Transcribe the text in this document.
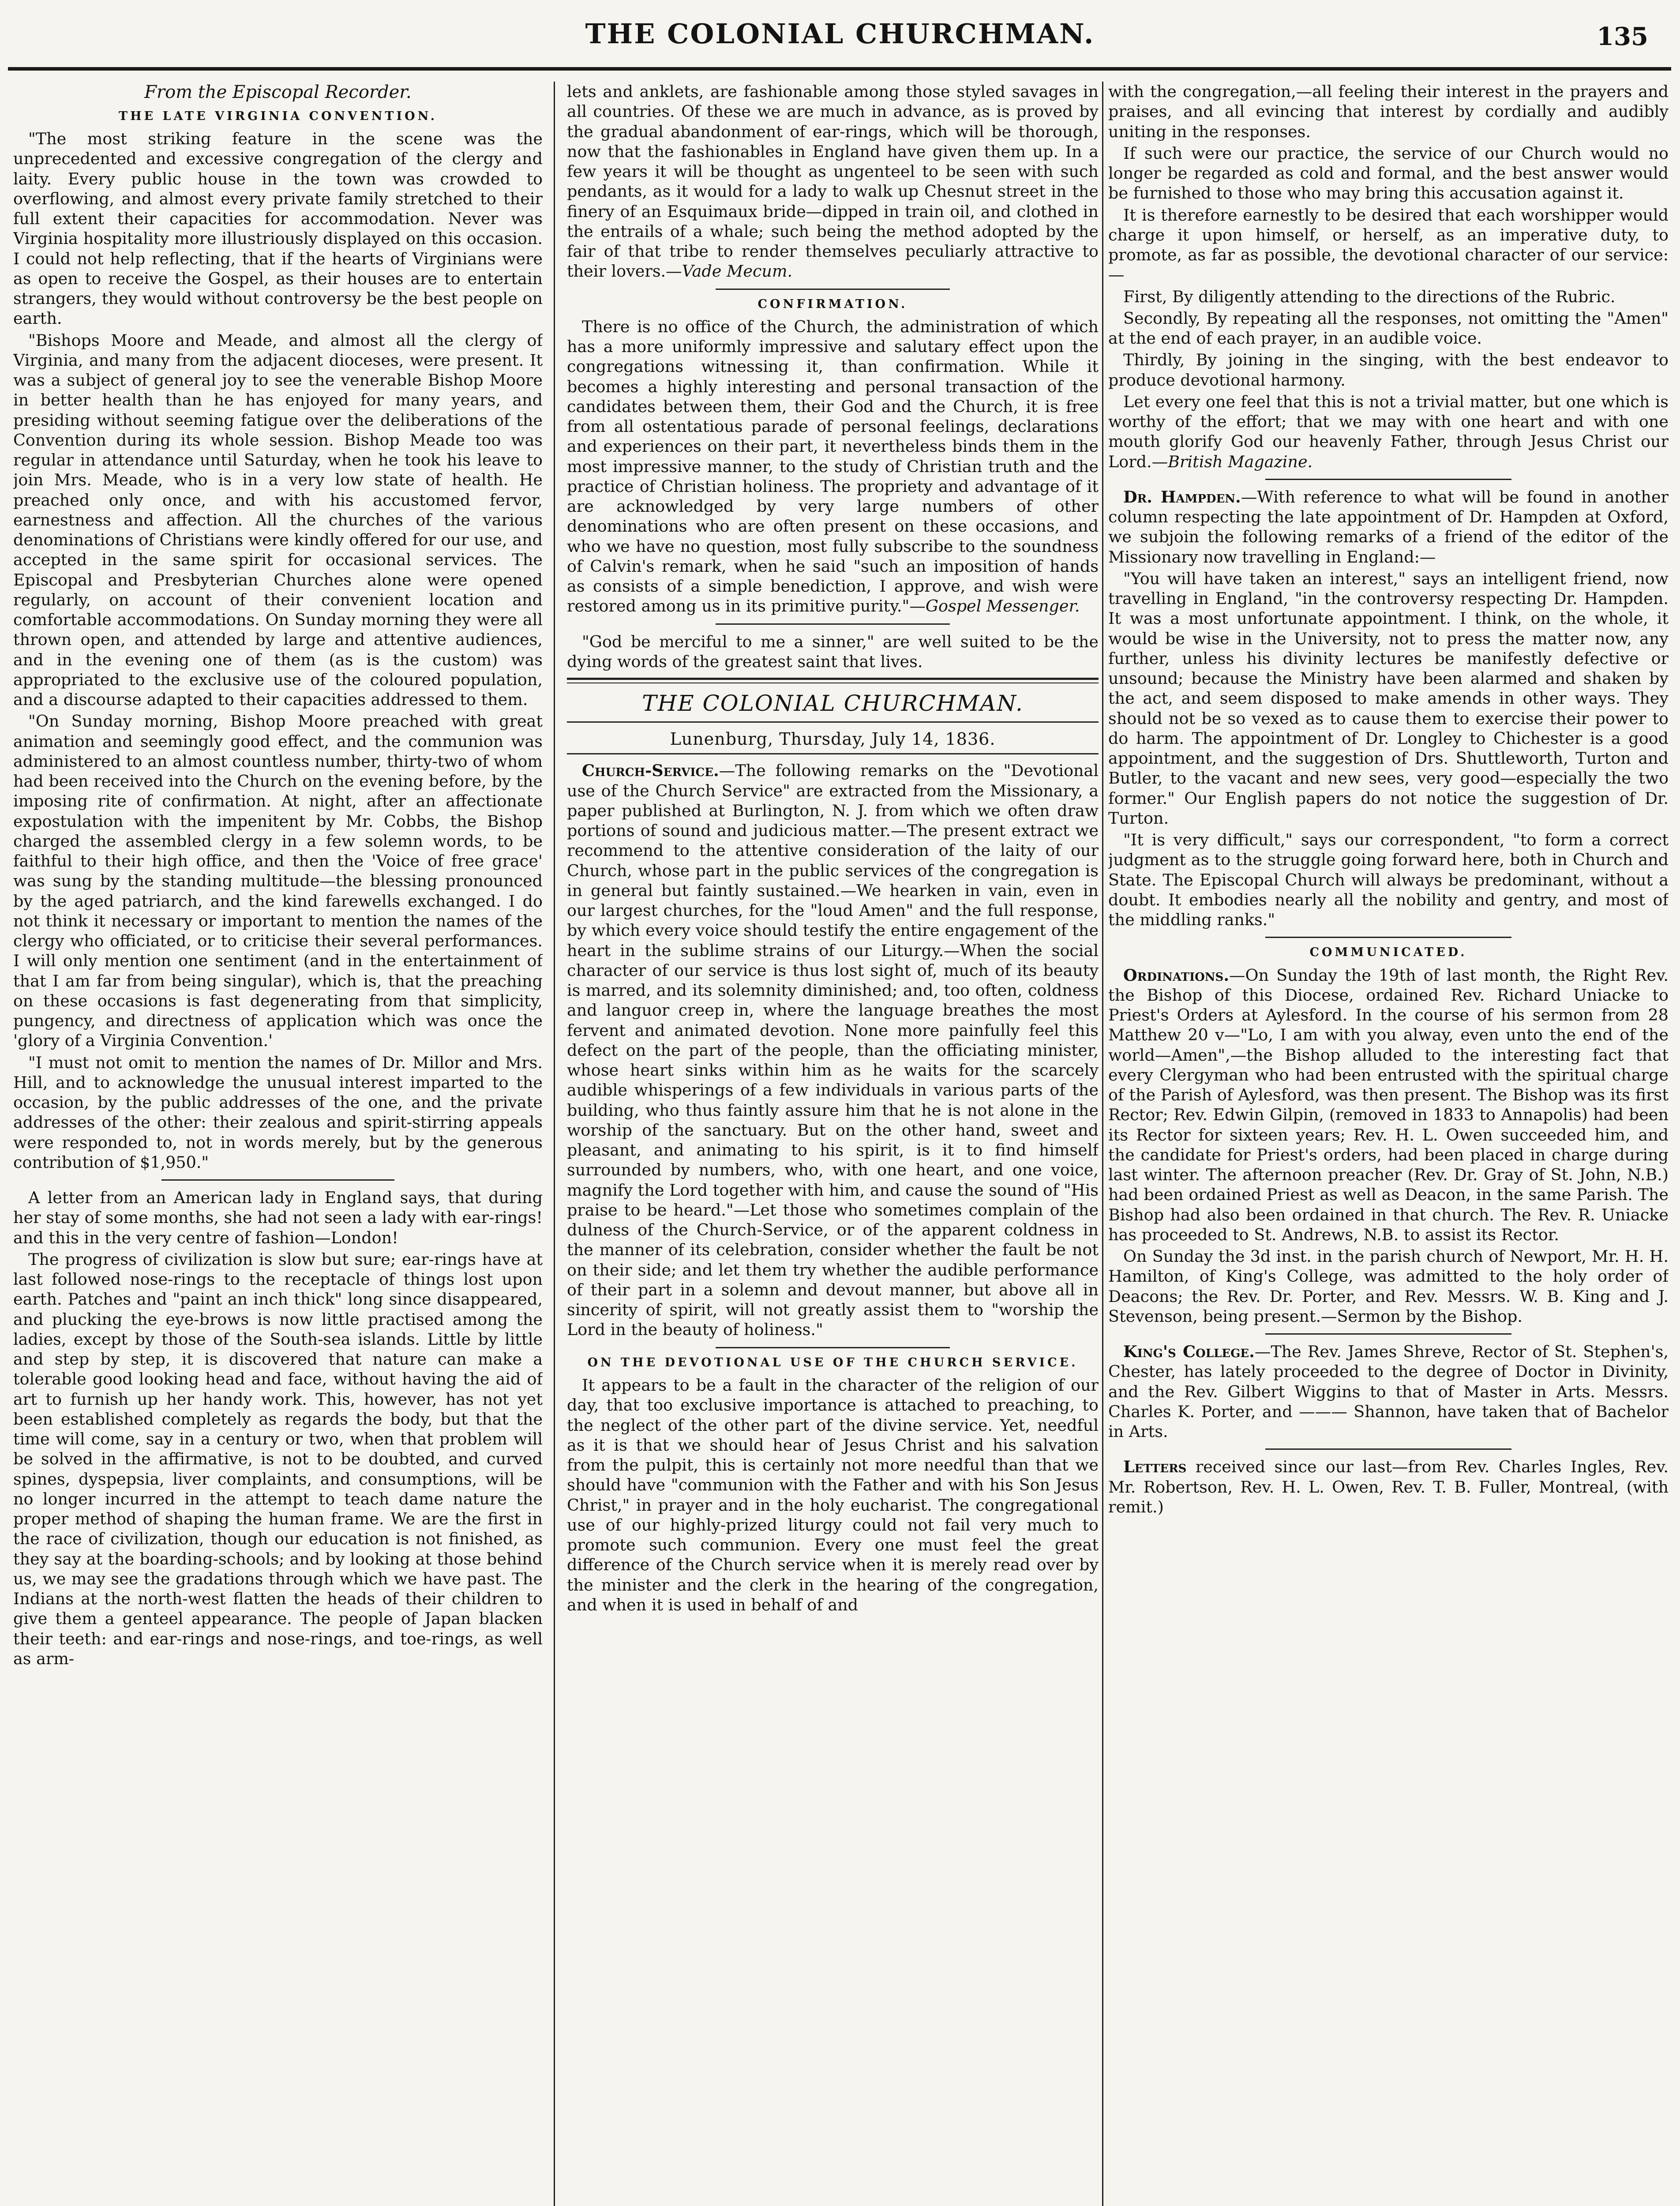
THE COLONIAL CHURCHMAN.	135
From the Episcopal Recorder.
THE LATE VIRGINIA CONVENTION.

"The most striking feature in the scene was the unprecedented and excessive congregation of the clergy and laity. Every public house in the town was crowded to overflowing, and almost every private family stretched to their full extent their capacities for accommodation. Never was Virginia hospitality more illustriously displayed on this occasion. I could not help reflecting, that if the hearts of Virginians were as open to receive the Gospel, as their houses are to entertain strangers, they would without controversy be the best people on earth.

"Bishops Moore and Meade, and almost all the clergy of Virginia, and many from the adjacent dioceses, were present. It was a subject of general joy to see the venerable Bishop Moore in better health than he has enjoyed for many years, and presiding without seeming fatigue over the deliberations of the Convention during its whole session. Bishop Meade too was regular in attendance until Saturday, when he took his leave to join Mrs. Meade, who is in a very low state of health. He preached only once, and with his accustomed fervor, earnestness and affection. All the churches of the various denominations of Christians were kindly offered for our use, and accepted in the same spirit for occasional services. The Episcopal and Presbyterian Churches alone were opened regularly, on account of their convenient location and comfortable accommodations. On Sunday morning they were all thrown open, and attended by large and attentive audiences, and in the evening one of them (as is the custom) was appropriated to the exclusive use of the coloured population, and a discourse adapted to their capacities addressed to them.

"On Sunday morning, Bishop Moore preached with great animation and seemingly good effect, and the communion was administered to an almost countless number, thirty-two of whom had been received into the Church on the evening before, by the imposing rite of confirmation. At night, after an affectionate expostulation with the impenitent by Mr. Cobbs, the Bishop charged the assembled clergy in a few solemn words, to be faithful to their high office, and then the 'Voice of free grace' was sung by the standing multitude—the blessing pronounced by the aged patriarch, and the kind farewells exchanged. I do not think it necessary or important to mention the names of the clergy who officiated, or to criticise their several performances. I will only mention one sentiment (and in the entertainment of that I am far from being singular), which is, that the preaching on these occasions is fast degenerating from that simplicity, pungency, and directness of application which was once the 'glory of a Virginia Convention.'

"I must not omit to mention the names of Dr. Millor and Mrs. Hill, and to acknowledge the unusual interest imparted to the occasion, by the public addresses of the one, and the private addresses of the other: their zealous and spirit-stirring appeals were responded to, not in words merely, but by the generous contribution of $1,950."

A letter from an American lady in England says, that during her stay of some months, she had not seen a lady with ear-rings! and this in the very centre of fashion—London!

The progress of civilization is slow but sure; ear-rings have at last followed nose-rings to the receptacle of things lost upon earth. Patches and "paint an inch thick" long since disappeared, and plucking the eye-brows is now little practised among the ladies, except by those of the South-sea islands. Little by little and step by step, it is discovered that nature can make a tolerable good looking head and face, without having the aid of art to furnish up her handy work. This, however, has not yet been established completely as regards the body, but that the time will come, say in a century or two, when that problem will be solved in the affirmative, is not to be doubted, and curved spines, dyspepsia, liver complaints, and consumptions, will be no longer incurred in the attempt to teach dame nature the proper method of shaping the human frame. We are the first in the race of civilization, though our education is not finished, as they say at the boarding-schools; and by looking at those behind us, we may see the gradations through which we have past. The Indians at the north-west flatten the heads of their children to give them a genteel appearance. The people of Japan blacken their teeth: and ear-rings and nose-rings, and toe-rings, as well as arm-

lets and anklets, are fashionable among those styled savages in all countries. Of these we are much in advance, as is proved by the gradual abandonment of ear-rings, which will be thorough, now that the fashionables in England have given them up. In a few years it will be thought as ungenteel to be seen with such pendants, as it would for a lady to walk up Chesnut street in the finery of an Esquimaux bride—dipped in train oil, and clothed in the entrails of a whale; such being the method adopted by the fair of that tribe to render themselves peculiarly attractive to their lovers.—Vade Mecum.

CONFIRMATION.

There is no office of the Church, the administration of which has a more uniformly impressive and salutary effect upon the congregations witnessing it, than confirmation. While it becomes a highly interesting and personal transaction of the candidates between them, their God and the Church, it is free from all ostentatious parade of personal feelings, declarations and experiences on their part, it nevertheless binds them in the most impressive manner, to the study of Christian truth and the practice of Christian holiness. The propriety and advantage of it are acknowledged by very large numbers of other denominations who are often present on these occasions, and who we have no question, most fully subscribe to the soundness of Calvin's remark, when he said "such an imposition of hands as consists of a simple benediction, I approve, and wish were restored among us in its primitive purity."—Gospel Messenger.

"God be merciful to me a sinner," are well suited to be the dying words of the greatest saint that lives.

THE COLONIAL CHURCHMAN.
Lunenburg, Thursday, July 14, 1836.

Church-Service.—The following remarks on the "Devotional use of the Church Service" are extracted from the Missionary, a paper published at Burlington, N. J. from which we often draw portions of sound and judicious matter.—The present extract we recommend to the attentive consideration of the laity of our Church, whose part in the public services of the congregation is in general but faintly sustained.—We hearken in vain, even in our largest churches, for the "loud Amen" and the full response, by which every voice should testify the entire engagement of the heart in the sublime strains of our Liturgy.—When the social character of our service is thus lost sight of, much of its beauty is marred, and its solemnity diminished; and, too often, coldness and languor creep in, where the language breathes the most fervent and animated devotion. None more painfully feel this defect on the part of the people, than the officiating minister, whose heart sinks within him as he waits for the scarcely audible whisperings of a few individuals in various parts of the building, who thus faintly assure him that he is not alone in the worship of the sanctuary. But on the other hand, sweet and pleasant, and animating to his spirit, is it to find himself surrounded by numbers, who, with one heart, and one voice, magnify the Lord together with him, and cause the sound of "His praise to be heard."—Let those who sometimes complain of the dulness of the Church-Service, or of the apparent coldness in the manner of its celebration, consider whether the fault be not on their side; and let them try whether the audible performance of their part in a solemn and devout manner, but above all in sincerity of spirit, will not greatly assist them to "worship the Lord in the beauty of holiness."

ON THE DEVOTIONAL USE OF THE CHURCH SERVICE.

It appears to be a fault in the character of the religion of our day, that too exclusive importance is attached to preaching, to the neglect of the other part of the divine service. Yet, needful as it is that we should hear of Jesus Christ and his salvation from the pulpit, this is certainly not more needful than that we should have "communion with the Father and with his Son Jesus Christ," in prayer and in the holy eucharist. The congregational use of our highly-prized liturgy could not fail very much to promote such communion. Every one must feel the great difference of the Church service when it is merely read over by the minister and the clerk in the hearing of the congregation, and when it is used in behalf of and

with the congregation,—all feeling their interest in the prayers and praises, and all evincing that interest by cordially and audibly uniting in the responses.

If such were our practice, the service of our Church would no longer be regarded as cold and formal, and the best answer would be furnished to those who may bring this accusation against it.

It is therefore earnestly to be desired that each worshipper would charge it upon himself, or herself, as an imperative duty, to promote, as far as possible, the devotional character of our service:—

First, By diligently attending to the directions of the Rubric.

Secondly, By repeating all the responses, not omitting the "Amen" at the end of each prayer, in an audible voice.

Thirdly, By joining in the singing, with the best endeavor to produce devotional harmony.

Let every one feel that this is not a trivial matter, but one which is worthy of the effort; that we may with one heart and with one mouth glorify God our heavenly Father, through Jesus Christ our Lord.—British Magazine.

Dr. Hampden.—With reference to what will be found in another column respecting the late appointment of Dr. Hampden at Oxford, we subjoin the following remarks of a friend of the editor of the Missionary now travelling in England:—

"You will have taken an interest," says an intelligent friend, now travelling in England, "in the controversy respecting Dr. Hampden. It was a most unfortunate appointment. I think, on the whole, it would be wise in the University, not to press the matter now, any further, unless his divinity lectures be manifestly defective or unsound; because the Ministry have been alarmed and shaken by the act, and seem disposed to make amends in other ways. They should not be so vexed as to cause them to exercise their power to do harm. The appointment of Dr. Longley to Chichester is a good appointment, and the suggestion of Drs. Shuttleworth, Turton and Butler, to the vacant and new sees, very good—especially the two former." Our English papers do not notice the suggestion of Dr. Turton.

"It is very difficult," says our correspondent, "to form a correct judgment as to the struggle going forward here, both in Church and State. The Episcopal Church will always be predominant, without a doubt. It embodies nearly all the nobility and gentry, and most of the middling ranks."

COMMUNICATED.

Ordinations.—On Sunday the 19th of last month, the Right Rev. the Bishop of this Diocese, ordained Rev. Richard Uniacke to Priest's Orders at Aylesford. In the course of his sermon from 28 Matthew 20 v—"Lo, I am with you alway, even unto the end of the world—Amen",—the Bishop alluded to the interesting fact that every Clergyman who had been entrusted with the spiritual charge of the Parish of Aylesford, was then present. The Bishop was its first Rector; Rev. Edwin Gilpin, (removed in 1833 to Annapolis) had been its Rector for sixteen years; Rev. H. L. Owen succeeded him, and the candidate for Priest's orders, had been placed in charge during last winter. The afternoon preacher (Rev. Dr. Gray of St. John, N.B.) had been ordained Priest as well as Deacon, in the same Parish. The Bishop had also been ordained in that church. The Rev. R. Uniacke has proceeded to St. Andrews, N.B. to assist its Rector.

On Sunday the 3d inst. in the parish church of Newport, Mr. H. H. Hamilton, of King's College, was admitted to the holy order of Deacons; the Rev. Dr. Porter, and Rev. Messrs. W. B. King and J. Stevenson, being present.—Sermon by the Bishop.

King's College.—The Rev. James Shreve, Rector of St. Stephen's, Chester, has lately proceeded to the degree of Doctor in Divinity, and the Rev. Gilbert Wiggins to that of Master in Arts. Messrs. Charles K. Porter, and ——— Shannon, have taken that of Bachelor in Arts.

Letters received since our last—from Rev. Charles Ingles, Rev. Mr. Robertson, Rev. H. L. Owen, Rev. T. B. Fuller, Montreal, (with remit.)
